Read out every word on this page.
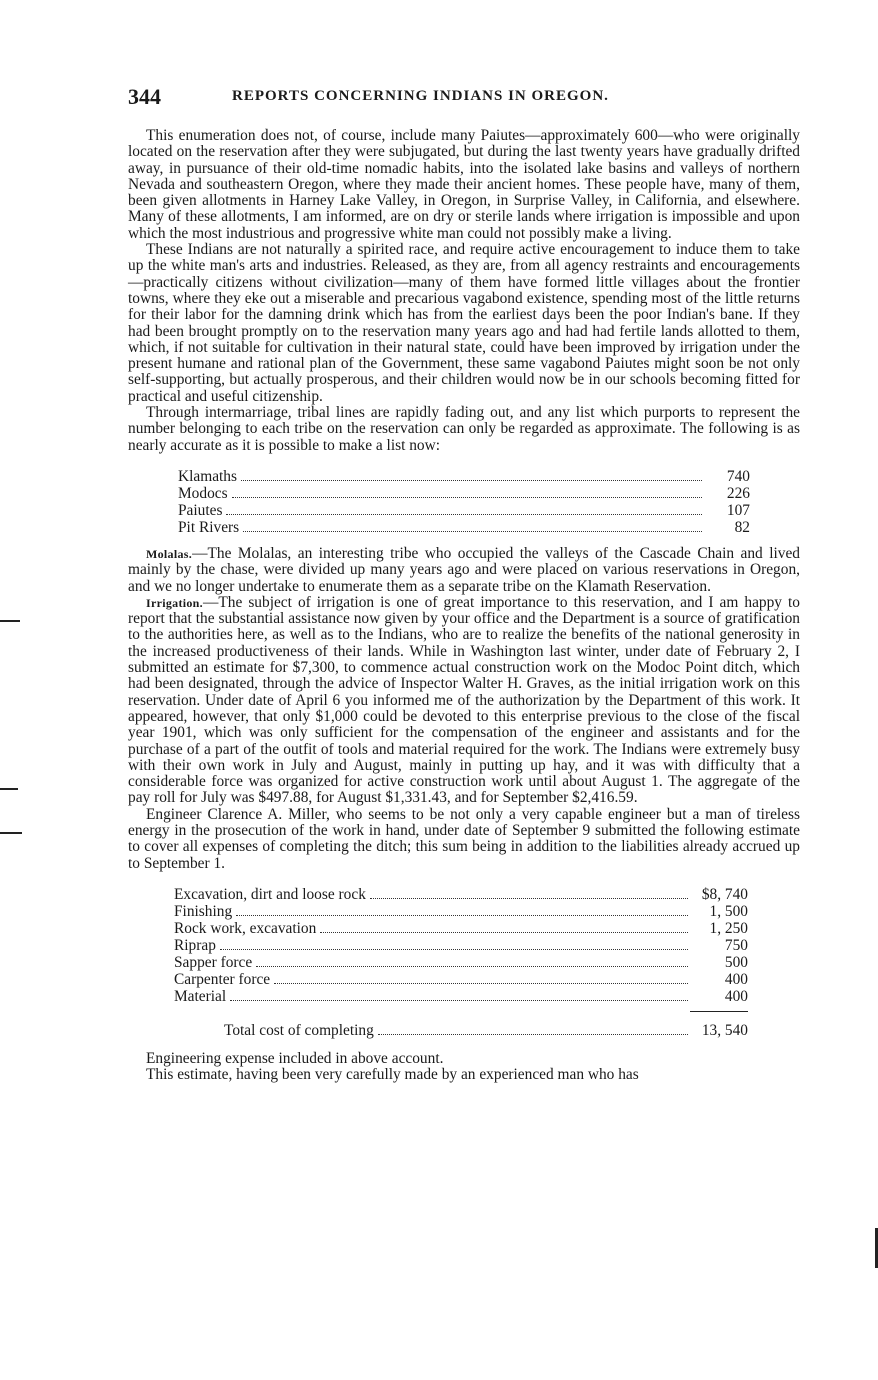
344	REPORTS CONCERNING INDIANS IN OREGON.

This enumeration does not, of course, include many Paiutes—approximately 600—who were originally located on the reservation after they were subjugated, but during the last twenty years have gradually drifted away, in pursuance of their old-time nomadic habits, into the isolated lake basins and valleys of northern Nevada and southeastern Oregon, where they made their ancient homes. These people have, many of them, been given allotments in Harney Lake Valley, in Oregon, in Surprise Valley, in California, and elsewhere. Many of these allotments, I am informed, are on dry or sterile lands where irrigation is impossible and upon which the most industrious and progressive white man could not possibly make a living.

These Indians are not naturally a spirited race, and require active encouragement to induce them to take up the white man's arts and industries. Released, as they are, from all agency restraints and encouragements—practically citizens without civilization—many of them have formed little villages about the frontier towns, where they eke out a miserable and precarious vagabond existence, spending most of the little returns for their labor for the damning drink which has from the earliest days been the poor Indian's bane. If they had been brought promptly on to the reservation many years ago and had had fertile lands allotted to them, which, if not suitable for cultivation in their natural state, could have been improved by irrigation under the present humane and rational plan of the Government, these same vagabond Paiutes might soon be not only self-supporting, but actually prosperous, and their children would now be in our schools becoming fitted for practical and useful citizenship.

Through intermarriage, tribal lines are rapidly fading out, and any list which purports to represent the number belonging to each tribe on the reservation can only be regarded as approximate. The following is as nearly accurate as it is possible to make a list now:

Klamaths	740
Modocs	226
Paiutes	107
Pit Rivers	82

Molalas.—The Molalas, an interesting tribe who occupied the valleys of the Cascade Chain and lived mainly by the chase, were divided up many years ago and were placed on various reservations in Oregon, and we no longer undertake to enumerate them as a separate tribe on the Klamath Reservation.

Irrigation.—The subject of irrigation is one of great importance to this reservation, and I am happy to report that the substantial assistance now given by your office and the Department is a source of gratification to the authorities here, as well as to the Indians, who are to realize the benefits of the national generosity in the increased productiveness of their lands. While in Washington last winter, under date of February 2, I submitted an estimate for $7,300, to commence actual construction work on the Modoc Point ditch, which had been designated, through the advice of Inspector Walter H. Graves, as the initial irrigation work on this reservation. Under date of April 6 you informed me of the authorization by the Department of this work. It appeared, however, that only $1,000 could be devoted to this enterprise previous to the close of the fiscal year 1901, which was only sufficient for the compensation of the engineer and assistants and for the purchase of a part of the outfit of tools and material required for the work. The Indians were extremely busy with their own work in July and August, mainly in putting up hay, and it was with difficulty that a considerable force was organized for active construction work until about August 1. The aggregate of the pay roll for July was $497.88, for August $1,331.43, and for September $2,416.59.

Engineer Clarence A. Miller, who seems to be not only a very capable engineer but a man of tireless energy in the prosecution of the work in hand, under date of September 9 submitted the following estimate to cover all expenses of completing the ditch; this sum being in addition to the liabilities already accrued up to September 1.

Excavation, dirt and loose rock	$8, 740
Finishing	1, 500
Rock work, excavation	1, 250
Riprap	750
Sapper force	500
Carpenter force	400
Material	400
Total cost of completing	13, 540

Engineering expense included in above account.

This estimate, having been very carefully made by an experienced man who has
